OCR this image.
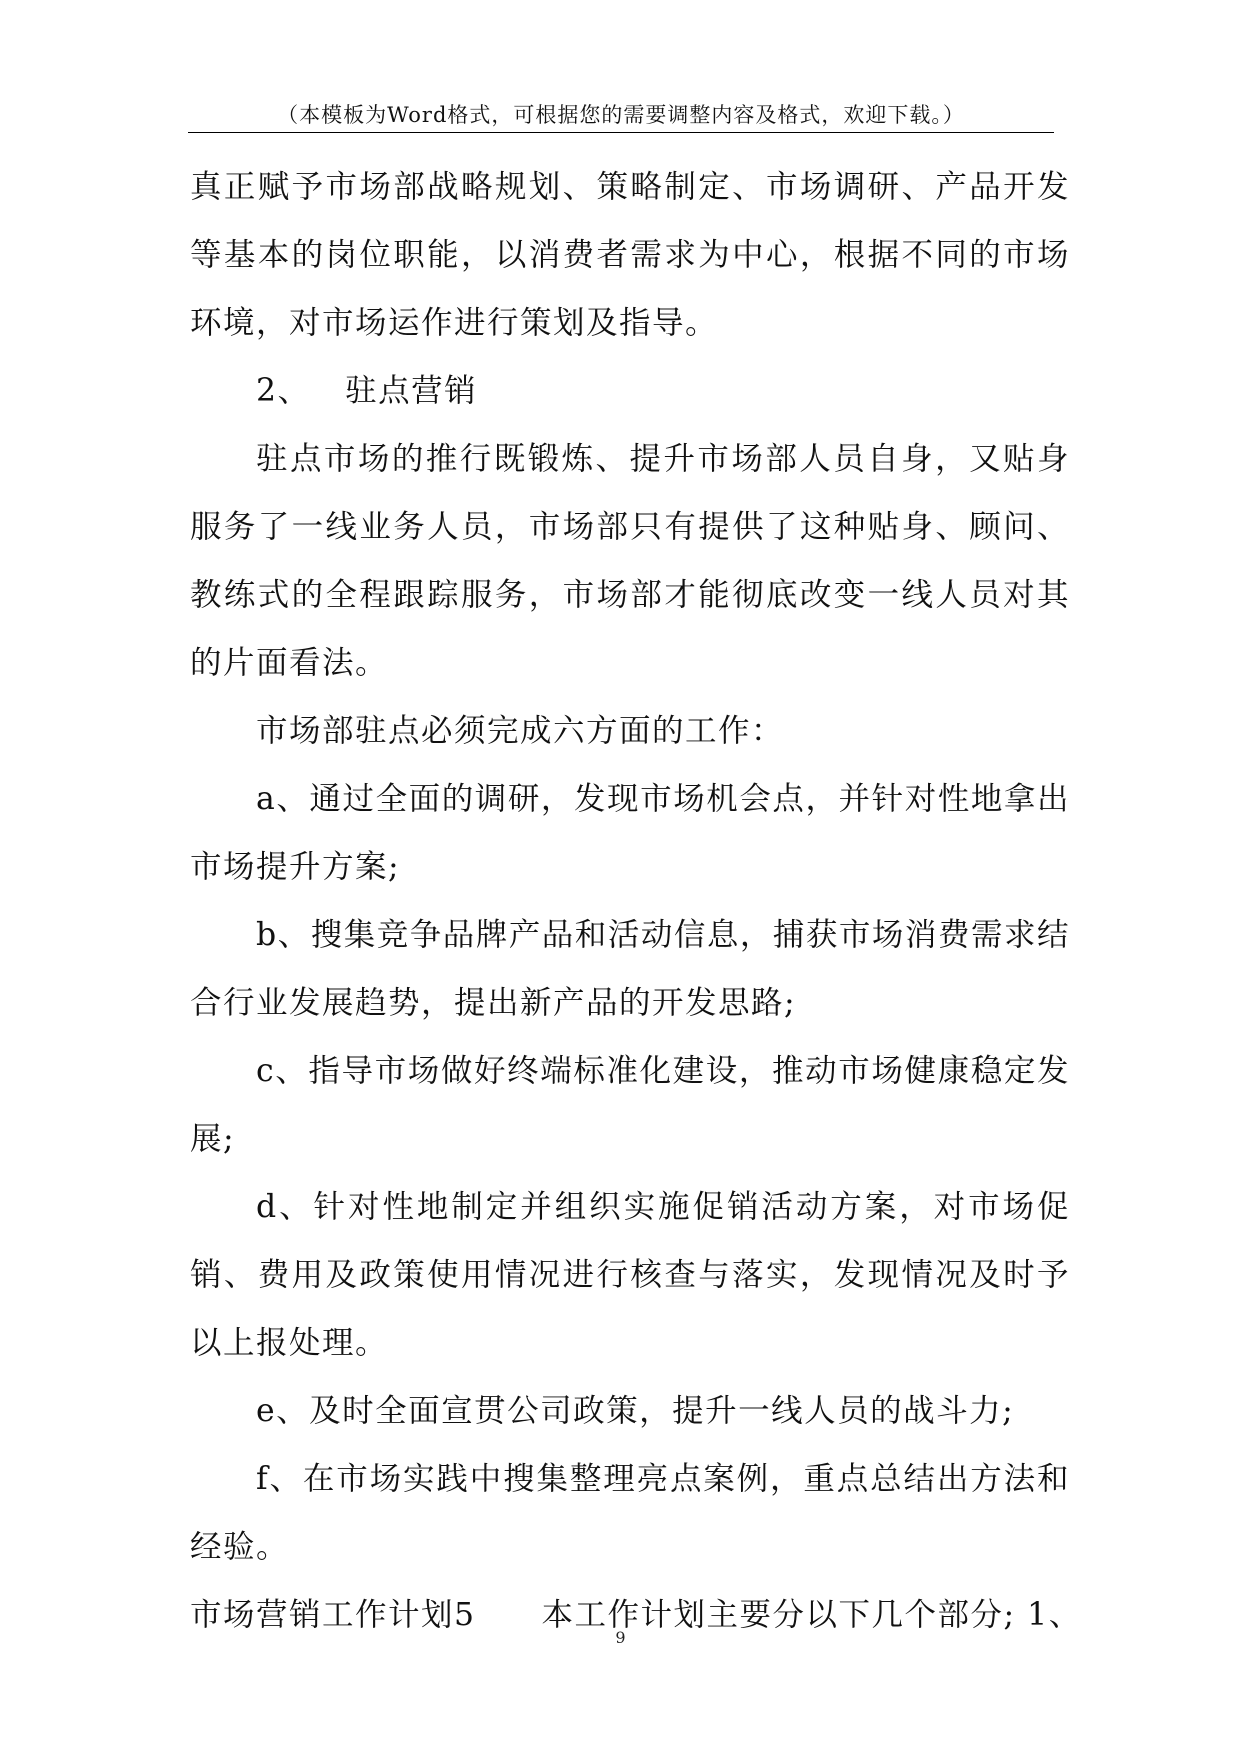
（本模板为Word格式，可根据您的需要调整内容及格式，欢迎下载。）

真正赋予市场部战略规划、策略制定、市场调研、产品开发等基本的岗位职能，以消费者需求为中心，根据不同的市场环境，对市场运作进行策划及指导。

2、 驻点营销

驻点市场的推行既锻炼、提升市场部人员自身，又贴身服务了一线业务人员，市场部只有提供了这种贴身、顾问、教练式的全程跟踪服务，市场部才能彻底改变一线人员对其的片面看法。

市场部驻点必须完成六方面的工作：

a、通过全面的调研，发现市场机会点，并针对性地拿出市场提升方案;

b、搜集竞争品牌产品和活动信息，捕获市场消费需求结合行业发展趋势，提出新产品的开发思路;

c、指导市场做好终端标准化建设，推动市场健康稳定发展;

d、针对性地制定并组织实施促销活动方案，对市场促销、费用及政策使用情况进行核查与落实，发现情况及时予以上报处理。

e、及时全面宣贯公司政策，提升一线人员的战斗力;

f、在市场实践中搜集整理亮点案例，重点总结出方法和经验。

市场营销工作计划5 本工作计划主要分以下几个部分; 1、

9
